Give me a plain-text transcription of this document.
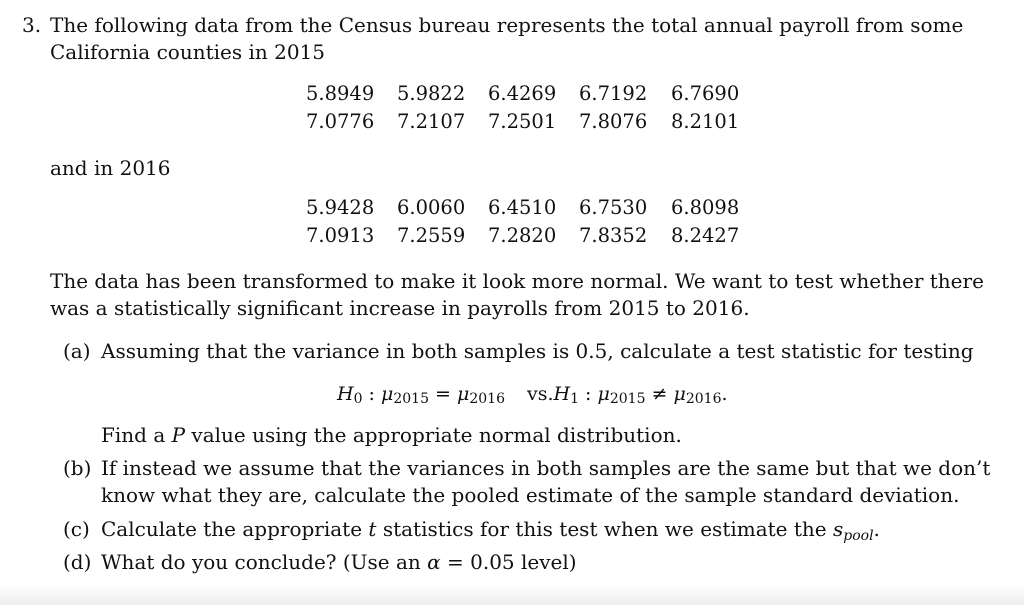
3. The following data from the Census bureau represents the total annual payroll from some
California counties in 2015
5.8949 5.9822 6.4269 6.7192 6.7690
7.0776 7.2107 7.2501 7.8076 8.2101
and in 2016
5.9428 6.0060 6.4510 6.7530 6.8098
7.0913 7.2559 7.2820 7.8352 8.2427
The data has been transformed to make it look more normal. We want to test whether there
was a statistically significant increase in payrolls from 2015 to 2016.
(a) Assuming that the variance in both samples is 0.5, calculate a test statistic for testing
$H_0$ : $\mu_{2015} = \mu_{2016}$ $vs.H_1$ : $\mu_{2015} \ne \mu_{2016}$.
Find a P value using the appropriate normal distribution.
(b) If instead we assume that the variances in both samples are the same but that we don’t
know what they are, calculate the pooled estimate of the sample standard deviation.
(c) Calculate the appropriate t statistics for this test when we estimate the $s_{pool}$.
(d) What do you conclude? (Use an α = 0.05 level)
